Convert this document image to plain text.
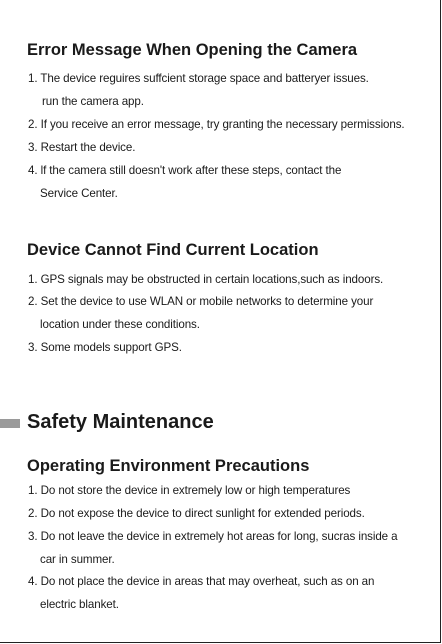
Error Message When Opening the Camera
1. The device reguires suffcient storage space and batteryer issues.
run the camera app.
2. If you receive an error message, try granting the necessary permissions.
3. Restart the device.
4. lf the camera still doesn't work after these steps, contact the
Service Center.
Device Cannot Find Current Location
1. GPS signals may be obstructed in certain locations,such as indoors.
2. Set the device to use WLAN or mobile networks to determine your
location under these conditions.
3. Some models support GPS.
Safety Maintenance
Operating Environment Precautions
1. Do not store the device in extremely low or high temperatures
2. Do not expose the device to direct sunlight for extended periods.
3. Do not leave the device in extremely hot areas for long, sucras inside a
car in summer.
4. Do not place the device in areas that may overheat, such as on an
electric blanket.
